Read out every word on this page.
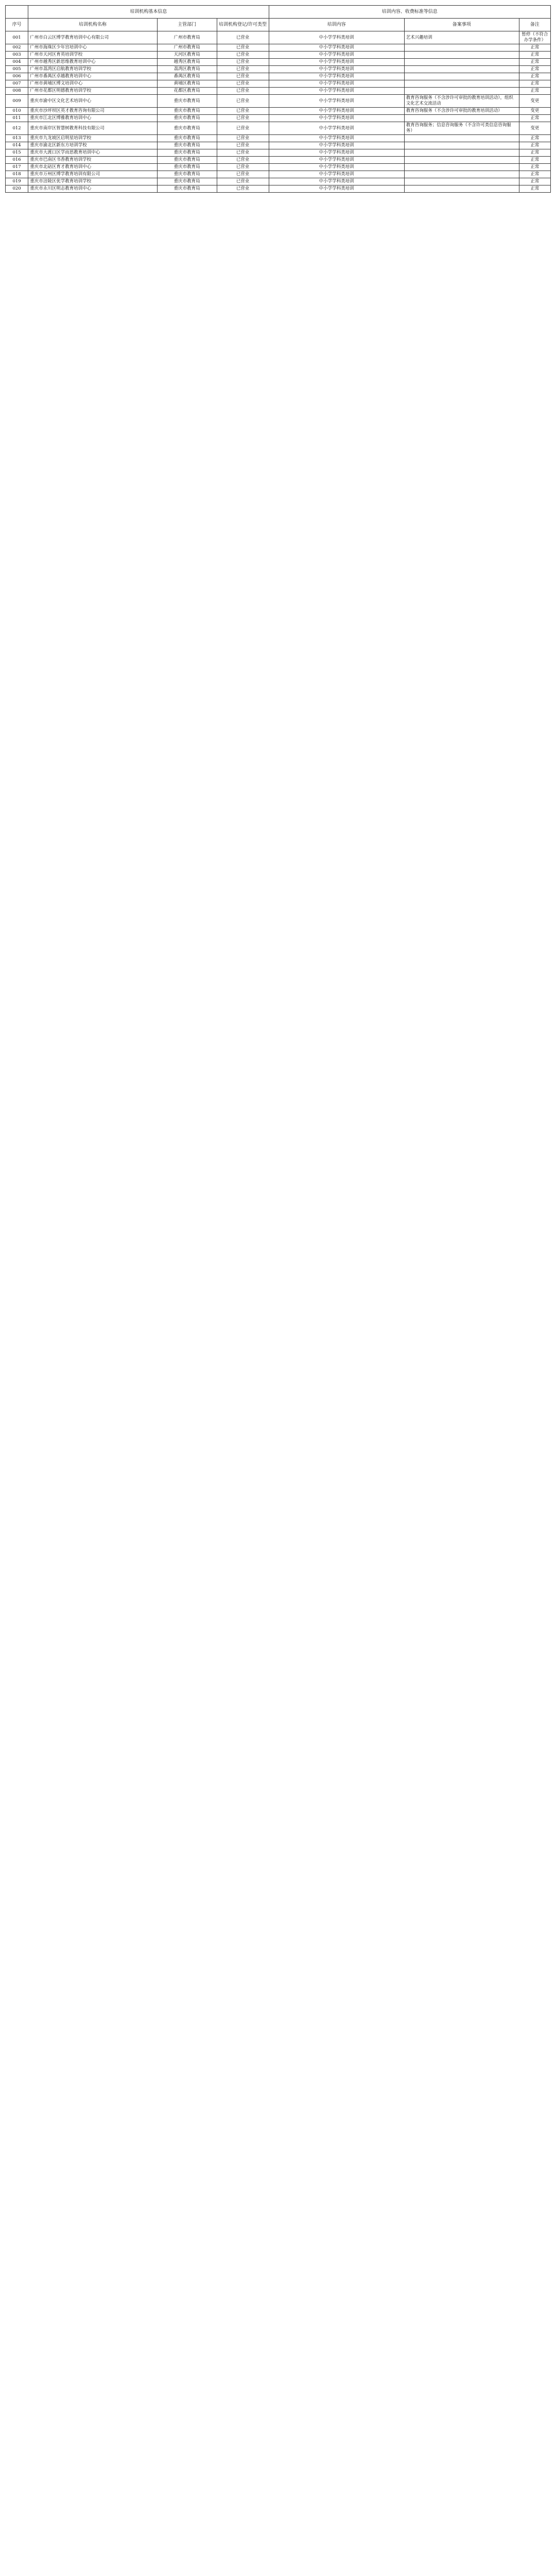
	培训机构基本信息			培训内容、收费标准等信息		
序号	培训机构名称	主管部门	培训机构登记/许可类型	培训内容	备案事项	备注
001	广州市白云区博学教育培训中心有限公司	广州市教育局	已营业	中小学学科类培训	艺术兴趣培训	暂停（不符合办学条件）
002	广州市海珠区少年宫培训中心	广州市教育局	已营业	中小学学科类培训		正常
003	广州市天河区育英培训学校	天河区教育局	已营业	中小学学科类培训		正常
004	广州市越秀区新思维教育培训中心	越秀区教育局	已营业	中小学学科类培训		正常
005	广州市荔湾区启航教育培训学校	荔湾区教育局	已营业	中小学学科类培训		正常
006	广州市番禺区卓越教育培训中心	番禺区教育局	已营业	中小学学科类培训		正常
007	广州市黄埔区博文培训中心	黄埔区教育局	已营业	中小学学科类培训		正常
008	广州市花都区明德教育培训学校	花都区教育局	已营业	中小学学科类培训		正常
009	重庆市渝中区文化艺术培训中心	重庆市教育局	已营业	中小学学科类培训	教育咨询服务（不含涉许可审批的教育培训活动），组织文化艺术交流活动	变更
010	重庆市沙坪坝区英才教育咨询有限公司	重庆市教育局	已营业	中小学学科类培训	教育咨询服务（不含涉许可审批的教育培训活动）	变更
011	重庆市江北区博雅教育培训中心	重庆市教育局	已营业	中小学学科类培训		正常
012	重庆市南岸区智慧树教育科技有限公司	重庆市教育局	已营业	中小学学科类培训	教育咨询服务；信息咨询服务（不含许可类信息咨询服务）	变更
013	重庆市九龙坡区启明星培训学校	重庆市教育局	已营业	中小学学科类培训		正常
014	重庆市渝北区新东方培训学校	重庆市教育局	已营业	中小学学科类培训		正常
015	重庆市大渡口区学而思教育培训中心	重庆市教育局	已营业	中小学学科类培训		正常
016	重庆市巴南区书香教育培训学校	重庆市教育局	已营业	中小学学科类培训		正常
017	重庆市北碚区育才教育培训中心	重庆市教育局	已营业	中小学学科类培训		正常
018	重庆市万州区博学教育培训有限公司	重庆市教育局	已营业	中小学学科类培训		正常
019	重庆市涪陵区优学教育培训学校	重庆市教育局	已营业	中小学学科类培训		正常
020	重庆市永川区明志教育培训中心	重庆市教育局	已营业	中小学学科类培训		正常
